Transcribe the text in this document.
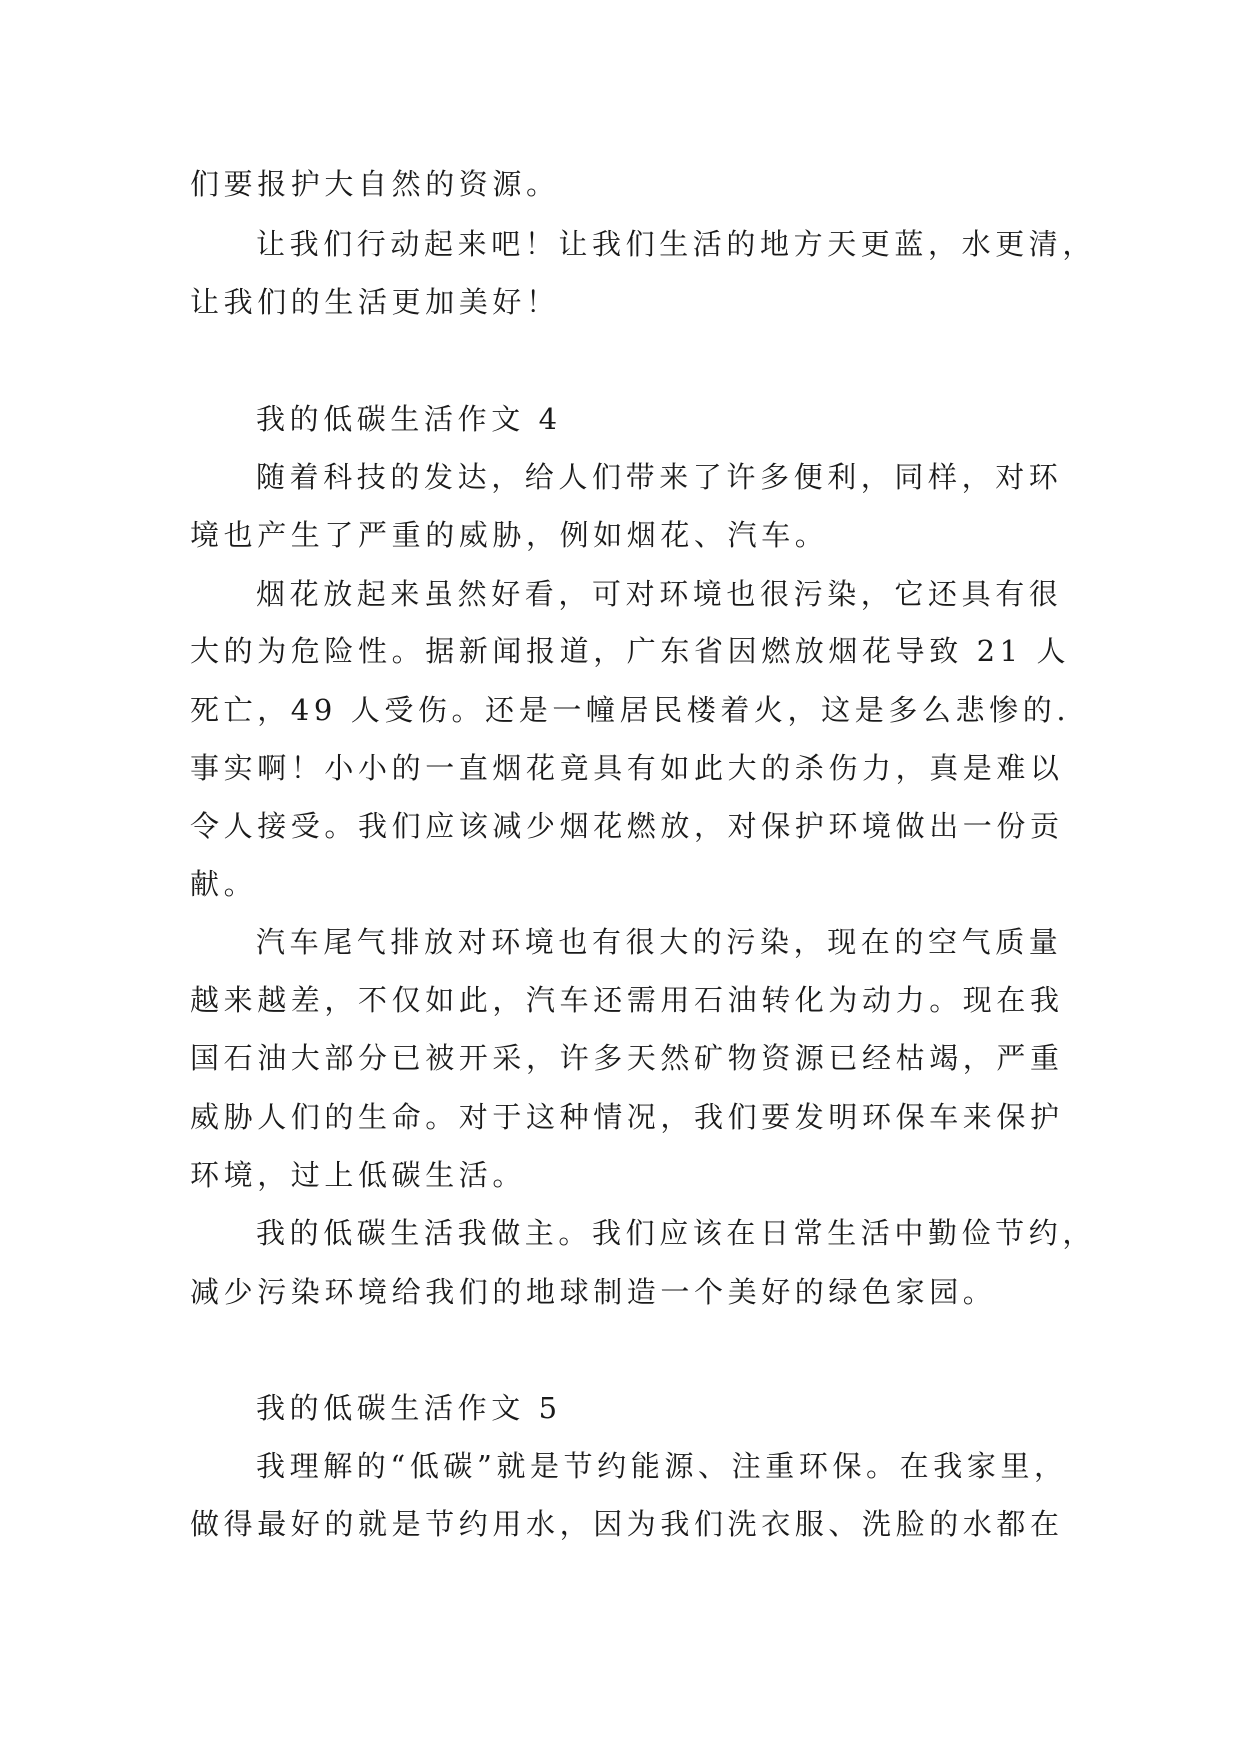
们要报护大自然的资源。
让我们行动起来吧！让我们生活的地方天更蓝，水更清，
让我们的生活更加美好！
我的低碳生活作文 4
随着科技的发达，给人们带来了许多便利，同样，对环
境也产生了严重的威胁，例如烟花、汽车。
烟花放起来虽然好看，可对环境也很污染，它还具有很
大的为危险性。据新闻报道，广东省因燃放烟花导致 21 人
死亡，49 人受伤。还是一幢居民楼着火，这是多么悲惨的.
事实啊！小小的一直烟花竟具有如此大的杀伤力，真是难以
令人接受。我们应该减少烟花燃放，对保护环境做出一份贡
献。
汽车尾气排放对环境也有很大的污染，现在的空气质量
越来越差，不仅如此，汽车还需用石油转化为动力。现在我
国石油大部分已被开采，许多天然矿物资源已经枯竭，严重
威胁人们的生命。对于这种情况，我们要发明环保车来保护
环境，过上低碳生活。
我的低碳生活我做主。我们应该在日常生活中勤俭节约，
减少污染环境给我们的地球制造一个美好的绿色家园。
我的低碳生活作文 5
我理解的“低碳”就是节约能源、注重环保。在我家里，
做得最好的就是节约用水，因为我们洗衣服、洗脸的水都在
